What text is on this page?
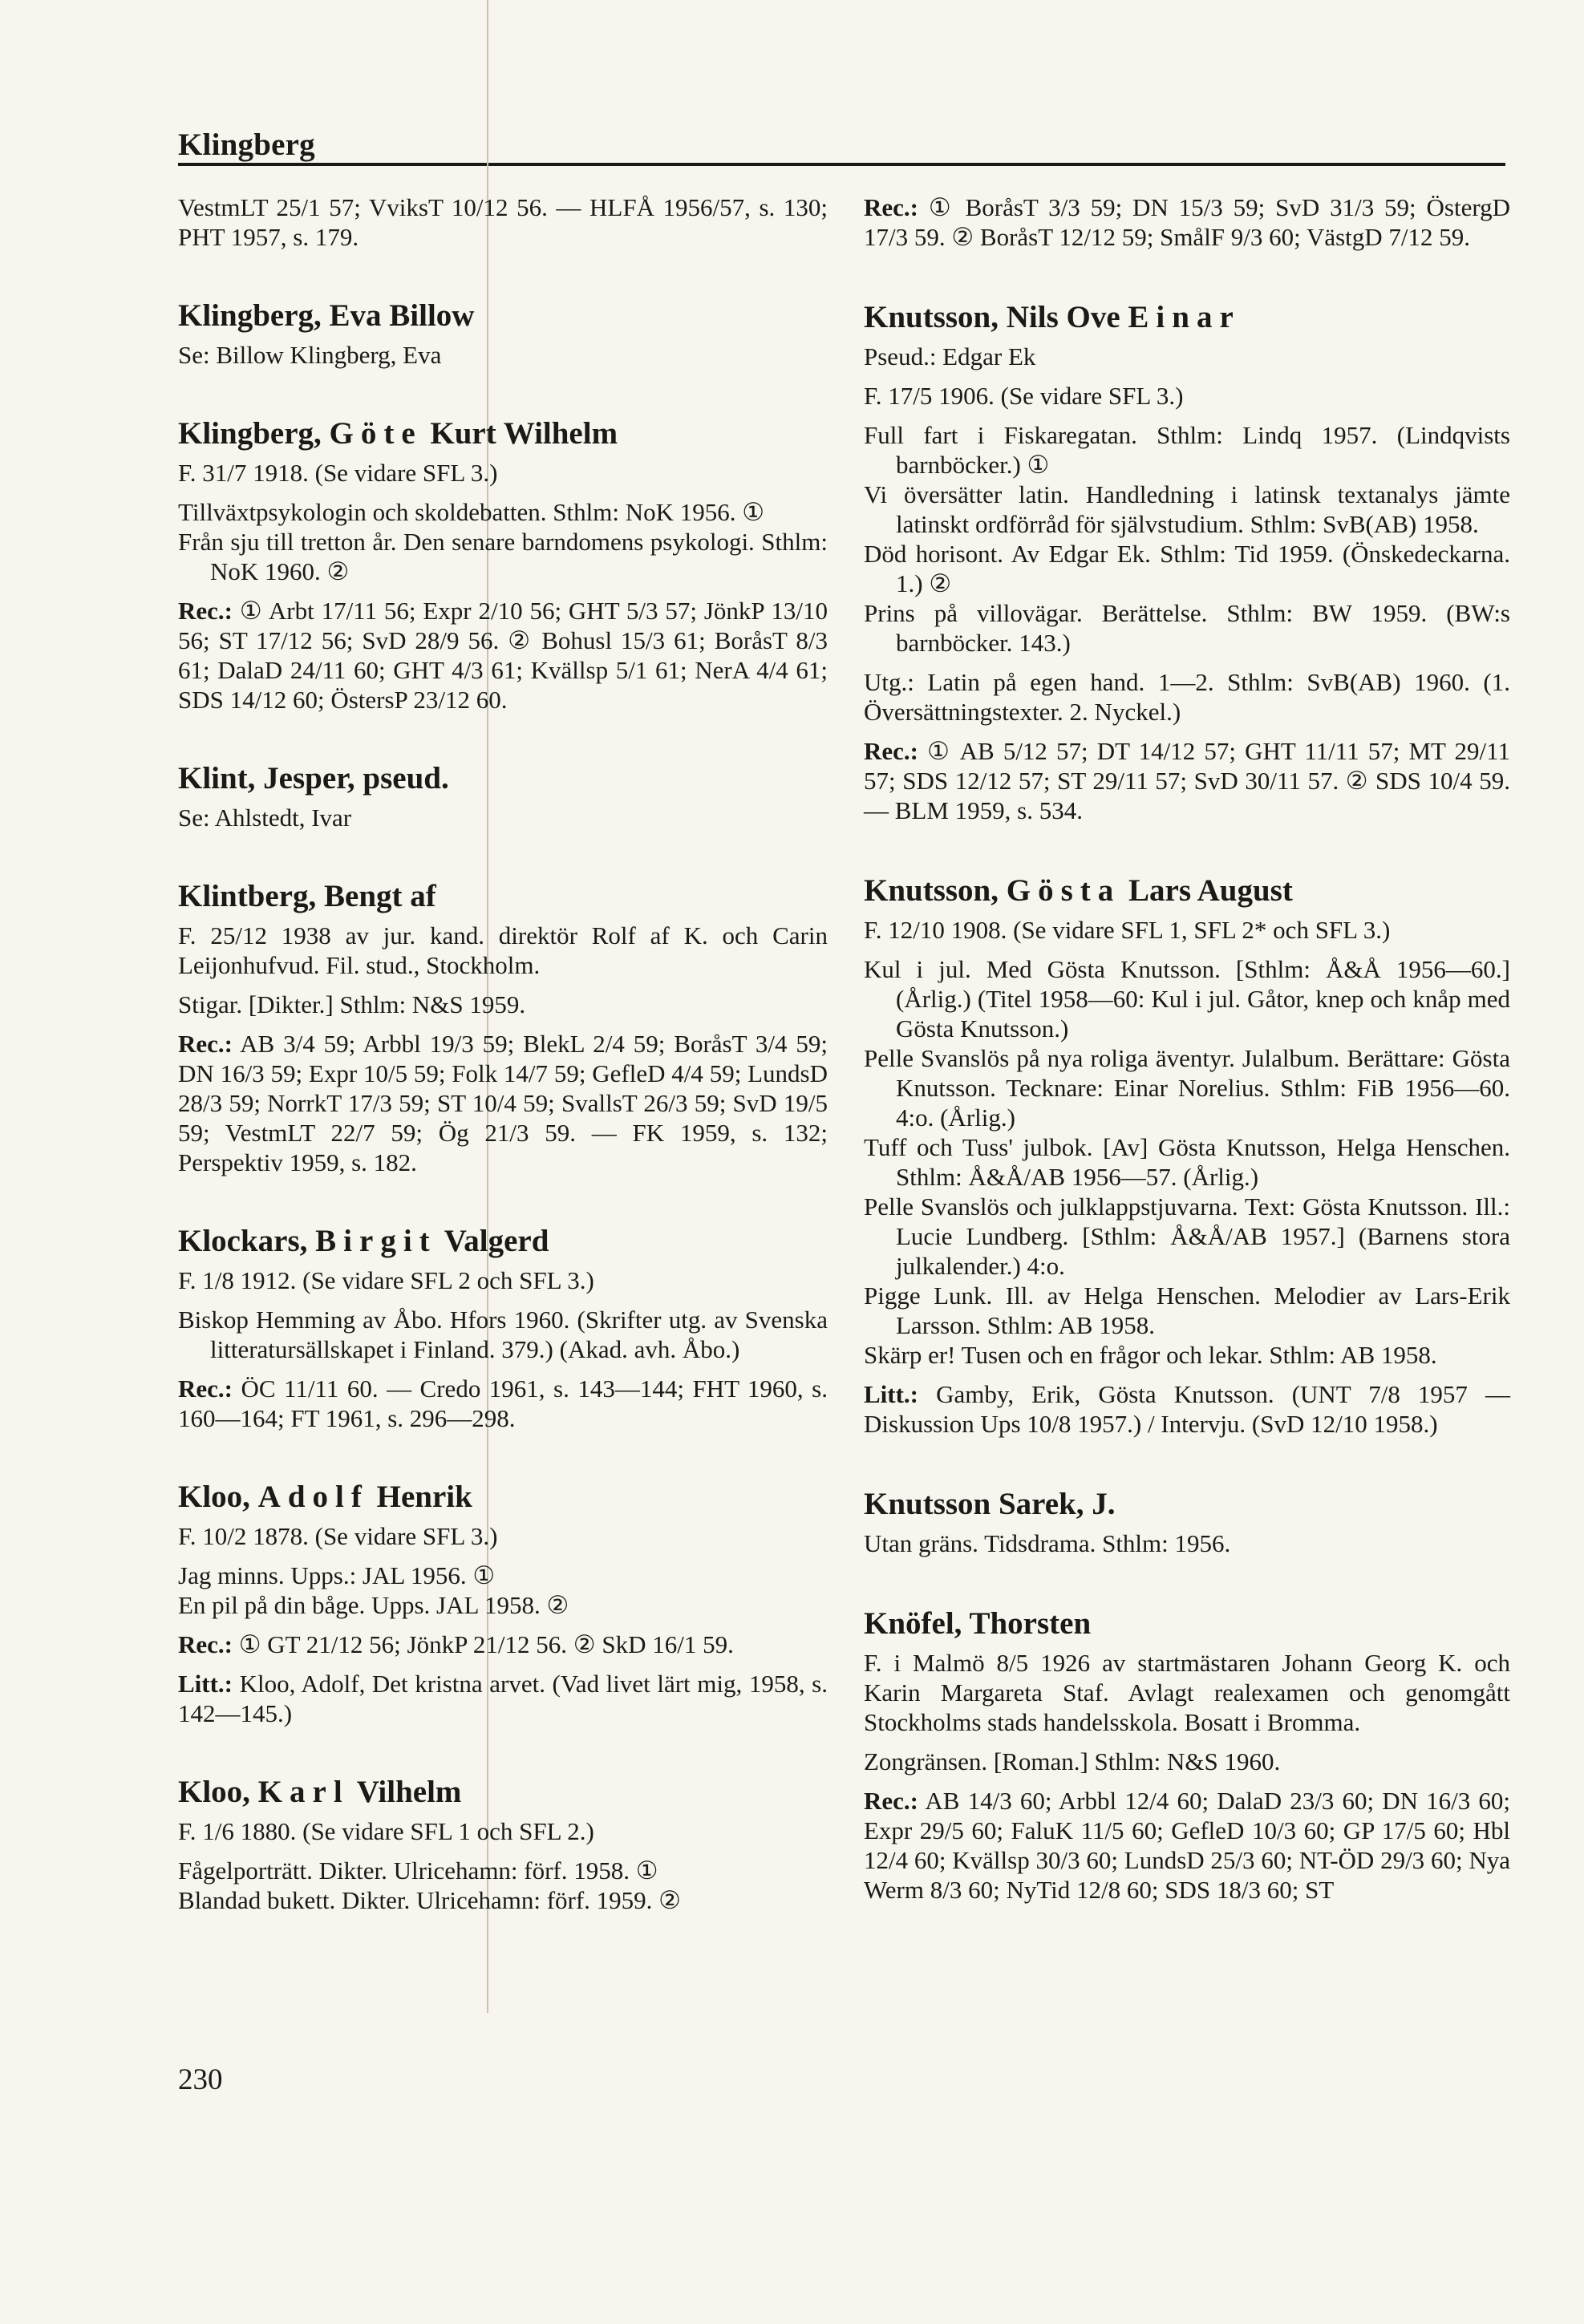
Klingberg
VestmLT 25/1 57; VviksT 10/12 56. — HLFÅ 1956/57, s. 130; PHT 1957, s. 179.
Klingberg, Eva Billow
Se: Billow Klingberg, Eva
Klingberg, Göte Kurt Wilhelm
F. 31/7 1918. (Se vidare SFL 3.)

Tillväxtpsykologin och skoldebatten. Sthlm: NoK 1956. ①

Från sju till tretton år. Den senare barndomens psykologi. Sthlm: NoK 1960. ②

Rec.: ① Arbt 17/11 56; Expr 2/10 56; GHT 5/3 57; JönkP 13/10 56; ST 17/12 56; SvD 28/9 56. ② Bohusl 15/3 61; BoråsT 8/3 61; DalaD 24/11 60; GHT 4/3 61; Kvällsp 5/1 61; NerA 4/4 61; SDS 14/12 60; ÖstersP 23/12 60.
Klint, Jesper, pseud.
Se: Ahlstedt, Ivar
Klintberg, Bengt af
F. 25/12 1938 av jur. kand. direktör Rolf af K. och Carin Leijonhufvud. Fil. stud., Stockholm.

Stigar. [Dikter.] Sthlm: N&S 1959.

Rec.: AB 3/4 59; Arbbl 19/3 59; BlekL 2/4 59; BoråsT 3/4 59; DN 16/3 59; Expr 10/5 59; Folk 14/7 59; GefleD 4/4 59; LundsD 28/3 59; NorrkT 17/3 59; ST 10/4 59; SvallsT 26/3 59; SvD 19/5 59; VestmLT 22/7 59; Ög 21/3 59. — FK 1959, s. 132; Perspektiv 1959, s. 182.
Klockars, Birgit Valgerd
F. 1/8 1912. (Se vidare SFL 2 och SFL 3.)

Biskop Hemming av Åbo. Hfors 1960. (Skrifter utg. av Svenska litteratursällskapet i Finland. 379.) (Akad. avh. Åbo.)

Rec.: ÖC 11/11 60. — Credo 1961, s. 143—144; FHT 1960, s. 160—164; FT 1961, s. 296—298.
Kloo, Adolf Henrik
F. 10/2 1878. (Se vidare SFL 3.)

Jag minns. Upps.: JAL 1956. ①

En pil på din båge. Upps. JAL 1958. ②

Rec.: ① GT 21/12 56; JönkP 21/12 56. ② SkD 16/1 59.
Litt.: Kloo, Adolf, Det kristna arvet. (Vad livet lärt mig, 1958, s. 142—145.)
Kloo, Karl Vilhelm
F. 1/6 1880. (Se vidare SFL 1 och SFL 2.)

Fågelporträtt. Dikter. Ulricehamn: förf. 1958. ①

Blandad bukett. Dikter. Ulricehamn: förf. 1959. ②

Rec.: ① BoråsT 3/3 59; DN 15/3 59; SvD 31/3 59; ÖstergD 17/3 59. ② BoråsT 12/12 59; SmålF 9/3 60; VästgD 7/12 59.
Knutsson, Nils Ove Einar
Pseud.: Edgar Ek
F. 17/5 1906. (Se vidare SFL 3.)

Full fart i Fiskaregatan. Sthlm: Lindq 1957. (Lindqvists barnböcker.) ①

Vi översätter latin. Handledning i latinsk textanalys jämte latinskt ordförråd för självstudium. Sthlm: SvB(AB) 1958.

Död horisont. Av Edgar Ek. Sthlm: Tid 1959. (Önskedeckarna. 1.) ②

Prins på villovägar. Berättelse. Sthlm: BW 1959. (BW:s barnböcker. 143.)

Utg.: Latin på egen hand. 1—2. Sthlm: SvB(AB) 1960. (1. Översättningstexter. 2. Nyckel.)
Rec.: ① AB 5/12 57; DT 14/12 57; GHT 11/11 57; MT 29/11 57; SDS 12/12 57; ST 29/11 57; SvD 30/11 57. ② SDS 10/4 59. — BLM 1959, s. 534.
Knutsson, Gösta Lars August
F. 12/10 1908. (Se vidare SFL 1, SFL 2* och SFL 3.)

Kul i jul. Med Gösta Knutsson. [Sthlm: Å&Å 1956—60.] (Årlig.) (Titel 1958—60: Kul i jul. Gåtor, knep och knåp med Gösta Knutsson.)

Pelle Svanslös på nya roliga äventyr. Julalbum. Berättare: Gösta Knutsson. Tecknare: Einar Norelius. Sthlm: FiB 1956—60. 4:o. (Årlig.)

Tuff och Tuss' julbok. [Av] Gösta Knutsson, Helga Henschen. Sthlm: Å&Å/AB 1956—57. (Årlig.)

Pelle Svanslös och julklappstjuvarna. Text: Gösta Knutsson. Ill.: Lucie Lundberg. [Sthlm: Å&Å/AB 1957.] (Barnens stora julkalender.) 4:o.

Pigge Lunk. Ill. av Helga Henschen. Melodier av Lars-Erik Larsson. Sthlm: AB 1958.

Skärp er! Tusen och en frågor och lekar. Sthlm: AB 1958.

Litt.: Gamby, Erik, Gösta Knutsson. (UNT 7/8 1957 — Diskussion Ups 10/8 1957.) / Intervju. (SvD 12/10 1958.)
Knutsson Sarek, J.

Utan gräns. Tidsdrama. Sthlm: 1956.

Knöfel, Thorsten
F. i Malmö 8/5 1926 av startmästaren Johann Georg K. och Karin Margareta Staf. Avlagt realexamen och genomgått Stockholms stads handelsskola. Bosatt i Bromma.

Zongränsen. [Roman.] Sthlm: N&S 1960.

Rec.: AB 14/3 60; Arbbl 12/4 60; DalaD 23/3 60; DN 16/3 60; Expr 29/5 60; FaluK 11/5 60; GefleD 10/3 60; GP 17/5 60; Hbl 12/4 60; Kvällsp 30/3 60; LundsD 25/3 60; NT-ÖD 29/3 60; Nya Werm 8/3 60; NyTid 12/8 60; SDS 18/3 60; ST
230
